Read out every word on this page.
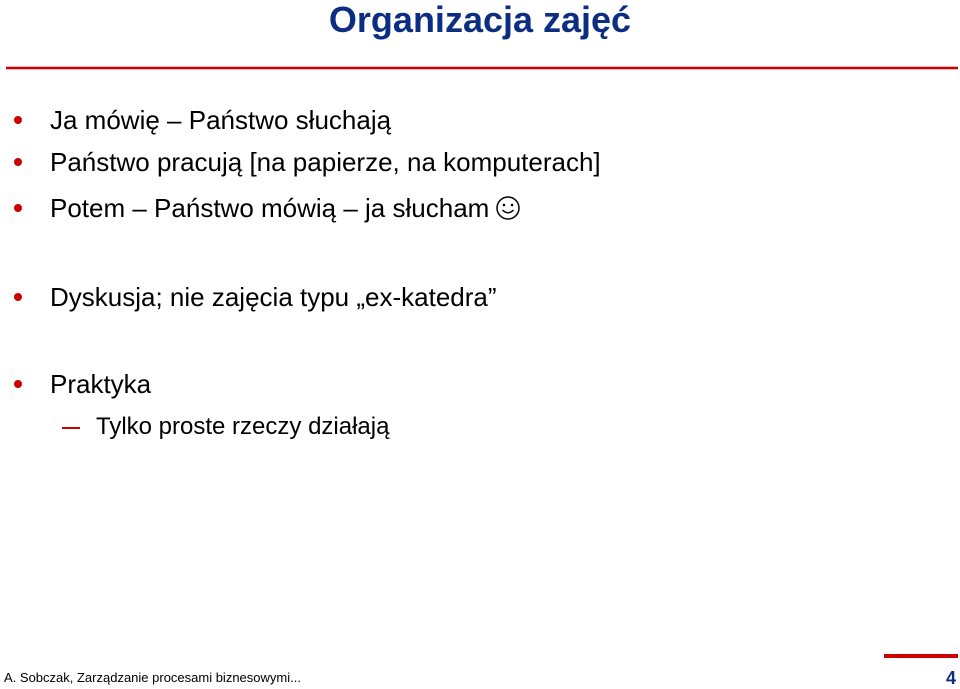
Organizacja zajęć
Ja mówię – Państwo słuchają
Państwo pracują [na papierze, na komputerach]
Potem – Państwo mówią – ja słucham
Dyskusja; nie zajęcia typu „ex-katedra”
Praktyka
Tylko proste rzeczy działają
A. Sobczak, Zarządzanie procesami biznesowymi...	4
